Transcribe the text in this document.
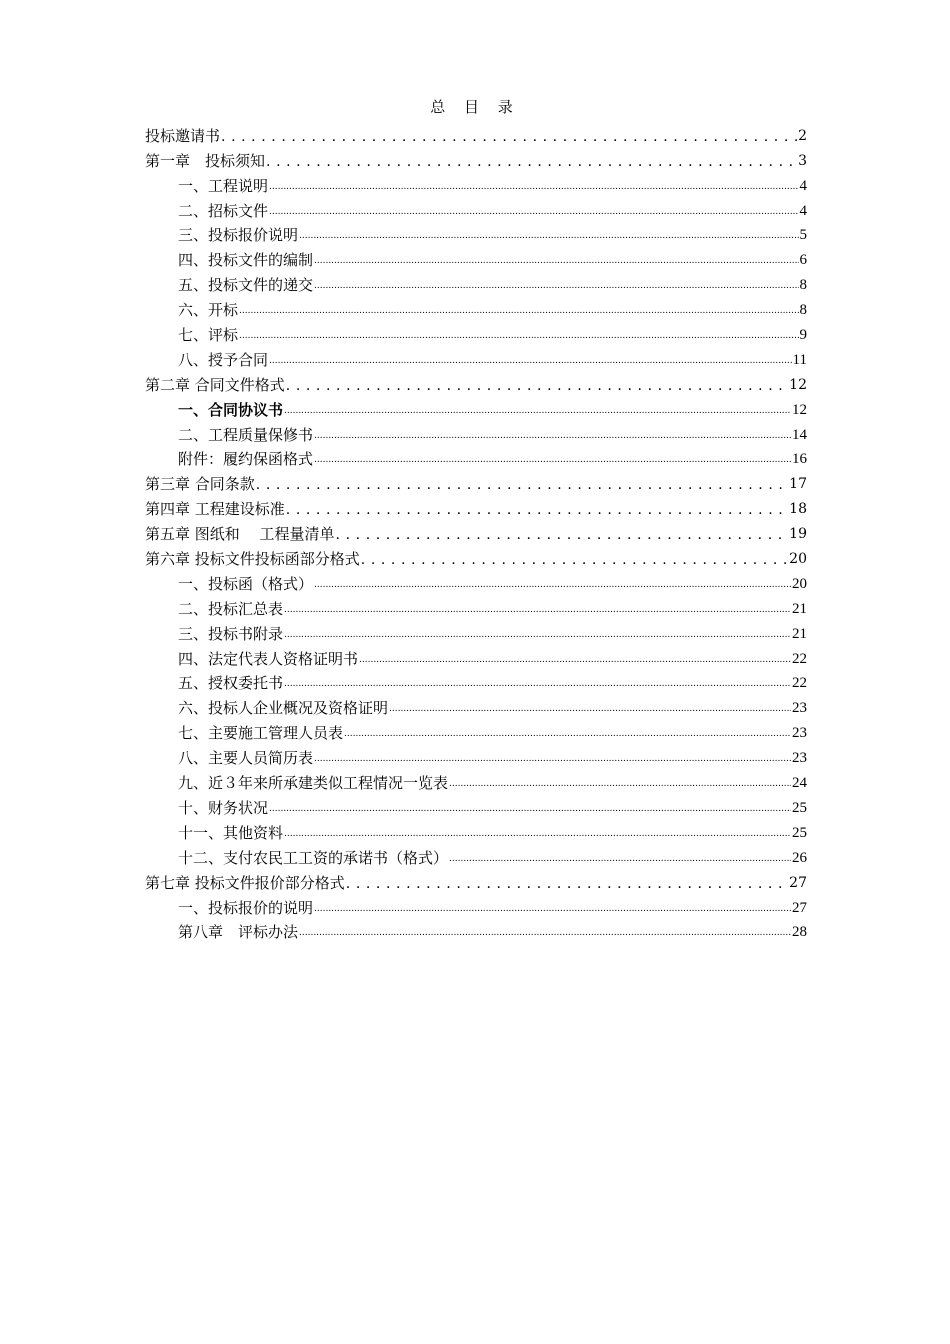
总 目 录
投标邀请书 .....	2
第一章　投标须知 .....	3
一、工程说明 .....	4
二、招标文件 .....	4
三、投标报价说明 .....	5
四、投标文件的编制 .....	6
五、投标文件的递交 .....	8
六、开标 .....	8
七、评标 .....	9
八、授予合同 .....	11
第二章 合同文件格式 .....	12
一、合同协议书 .....	12
二、工程质量保修书 .....	14
附件：履约保函格式 .....	16
第三章 合同条款 .....	17
第四章 工程建设标准 .....	18
第五章 图纸和　 工程量清单 .....	19
第六章 投标文件投标函部分格式 .....	20
一、投标函（格式） .....	20
二、投标汇总表 .....	21
三、投标书附录 .....	21
四、法定代表人资格证明书 .....	22
五、授权委托书 .....	22
六、投标人企业概况及资格证明 .....	23
七、主要施工管理人员表 .....	23
八、主要人员简历表 .....	23
九、近３年来所承建类似工程情况一览表 .....	24
十、财务状况 .....	25
十一、其他资料 .....	25
十二、支付农民工工资的承诺书（格式） .....	26
第七章 投标文件报价部分格式 .....	27
一、投标报价的说明 .....	27
第八章　评标办法 .....	28
